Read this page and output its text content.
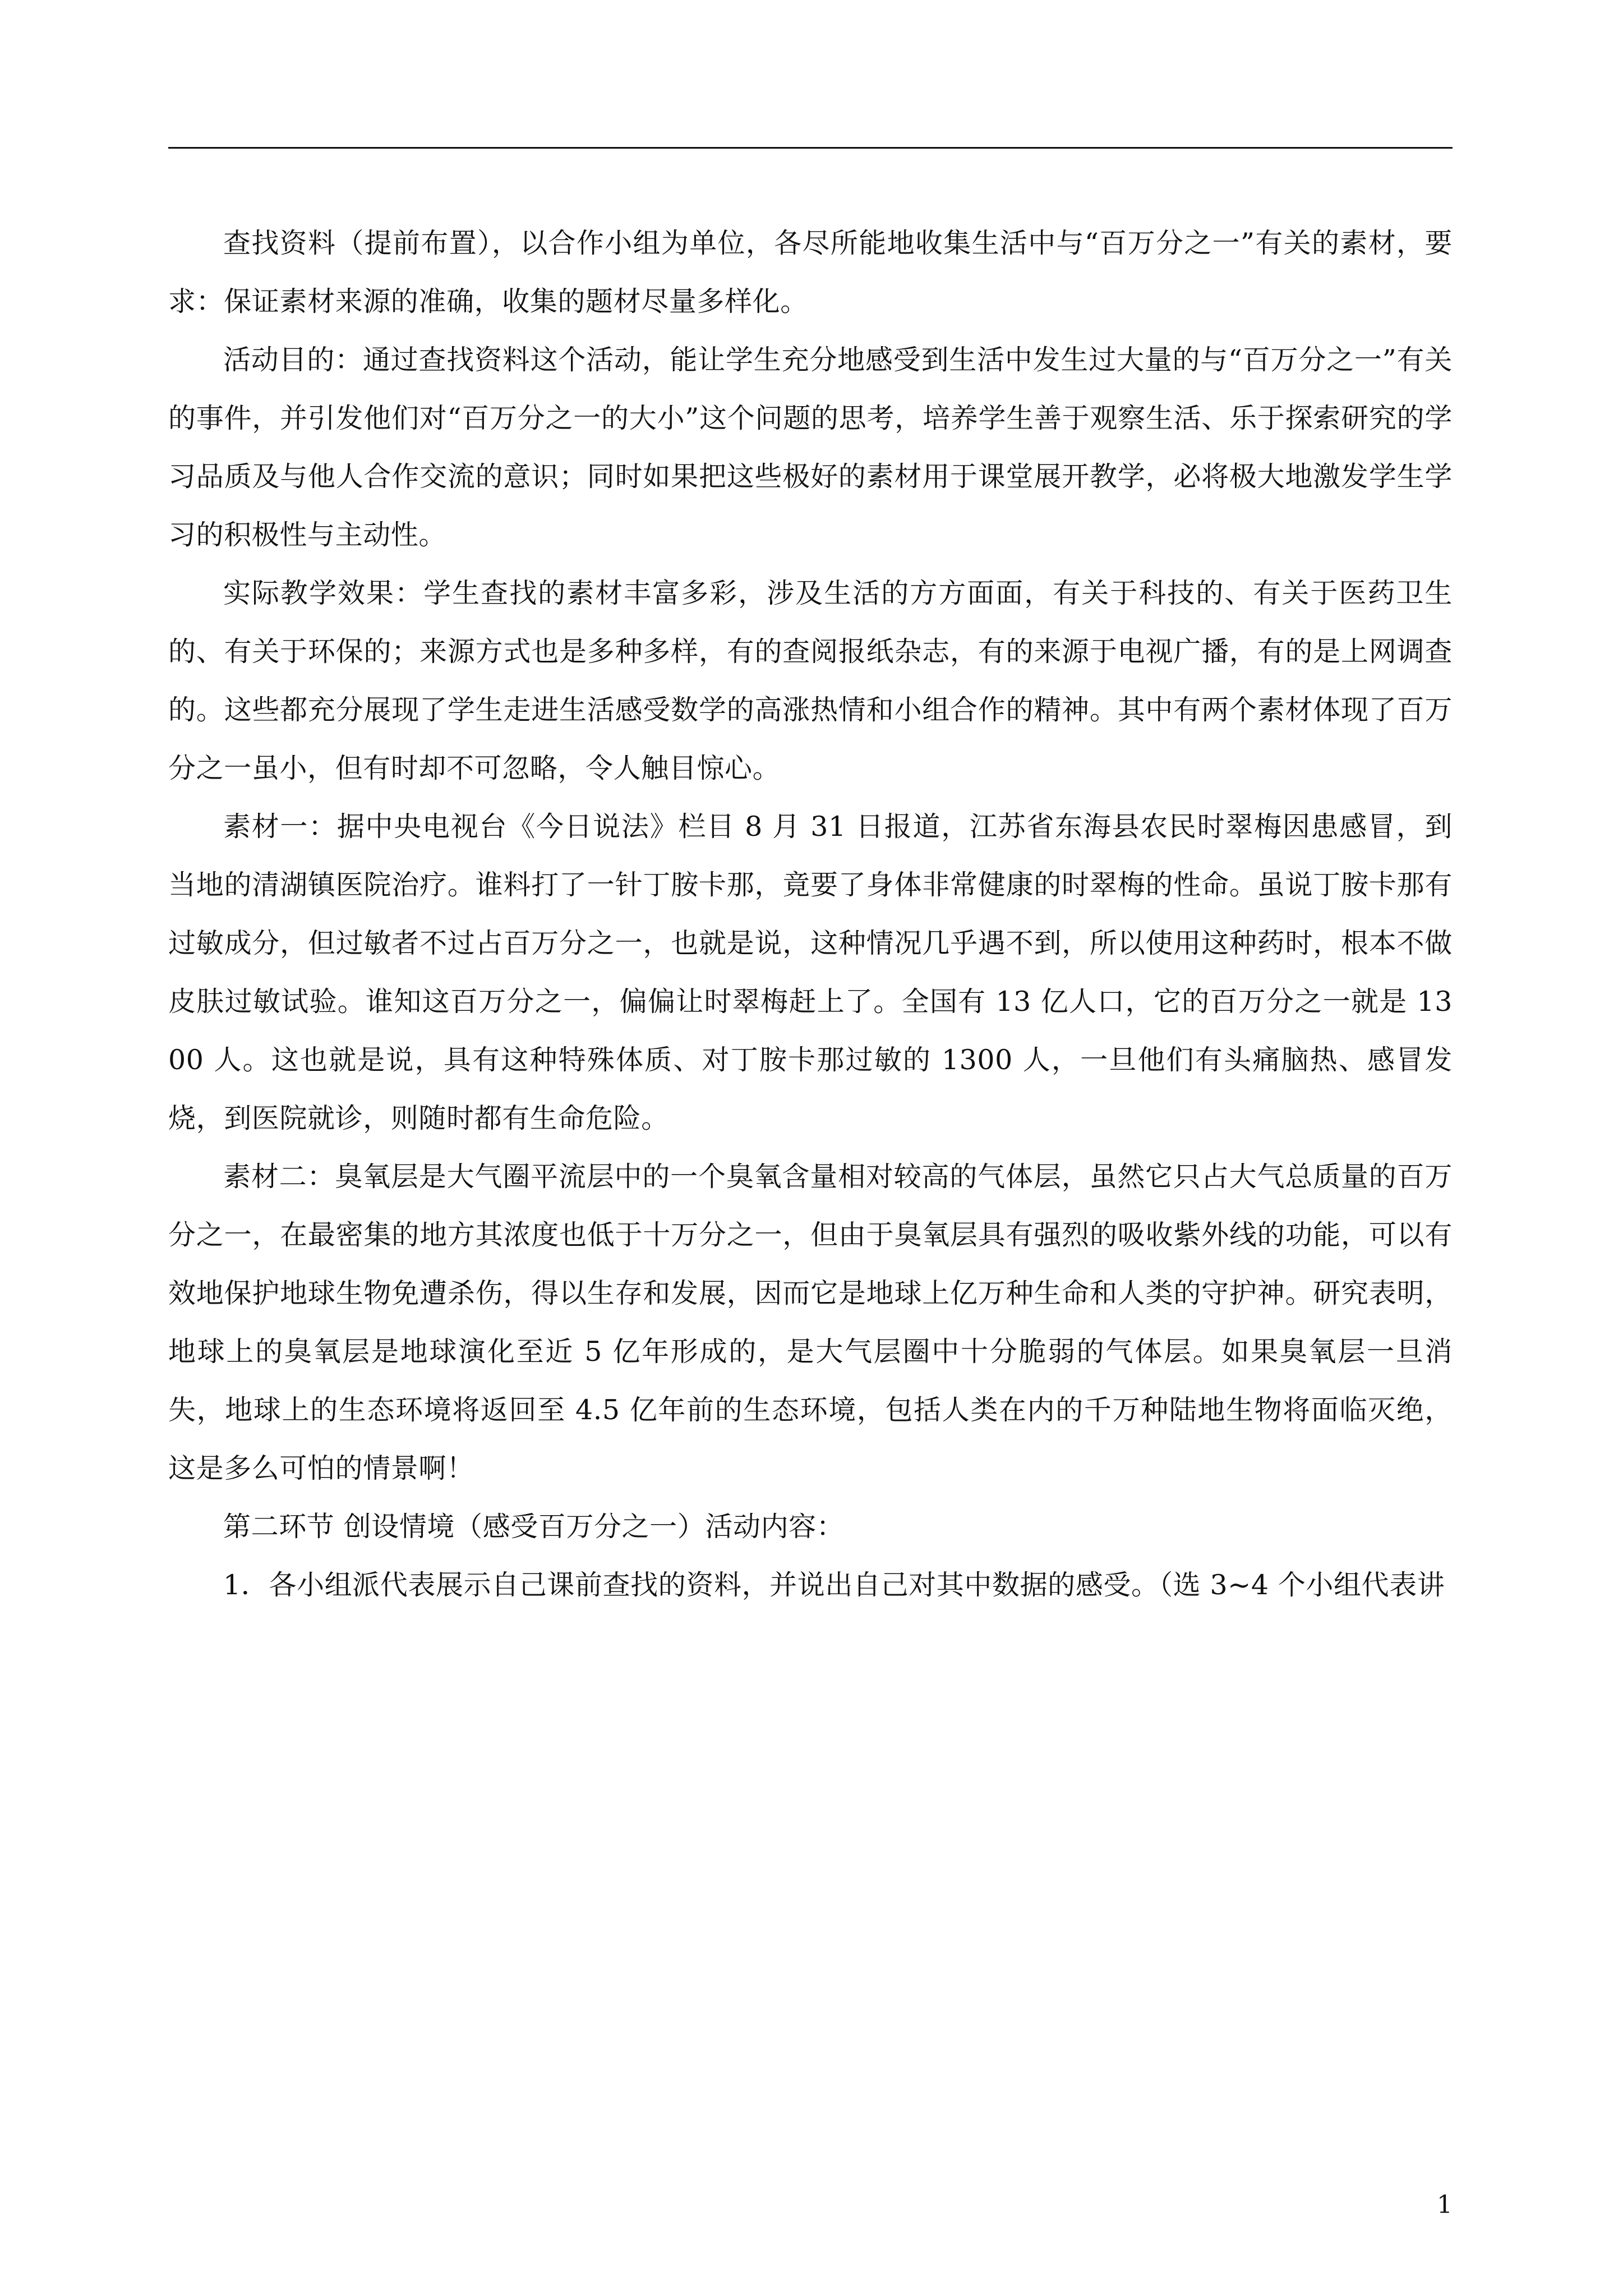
查找资料（提前布置），以合作小组为单位，各尽所能地收集生活中与“百万分之一”有关的素材，要求：保证素材来源的准确，收集的题材尽量多样化。

活动目的：通过查找资料这个活动，能让学生充分地感受到生活中发生过大量的与“百万分之一”有关的事件，并引发他们对“百万分之一的大小”这个问题的思考，培养学生善于观察生活、乐于探索研究的学习品质及与他人合作交流的意识；同时如果把这些极好的素材用于课堂展开教学，必将极大地激发学生学习的积极性与主动性。

实际教学效果：学生查找的素材丰富多彩，涉及生活的方方面面，有关于科技的、有关于医药卫生的、有关于环保的；来源方式也是多种多样，有的查阅报纸杂志，有的来源于电视广播，有的是上网调查的。这些都充分展现了学生走进生活感受数学的高涨热情和小组合作的精神。其中有两个素材体现了百万分之一虽小，但有时却不可忽略，令人触目惊心。

素材一：据中央电视台《今日说法》栏目 8 月 31 日报道，江苏省东海县农民时翠梅因患感冒，到当地的清湖镇医院治疗。谁料打了一针丁胺卡那，竟要了身体非常健康的时翠梅的性命。虽说丁胺卡那有过敏成分，但过敏者不过占百万分之一，也就是说，这种情况几乎遇不到，所以使用这种药时，根本不做皮肤过敏试验。谁知这百万分之一，偏偏让时翠梅赶上了。全国有 13 亿人口，它的百万分之一就是 1300 人。这也就是说，具有这种特殊体质、对丁胺卡那过敏的 1300 人，一旦他们有头痛脑热、感冒发烧，到医院就诊，则随时都有生命危险。

素材二：臭氧层是大气圈平流层中的一个臭氧含量相对较高的气体层，虽然它只占大气总质量的百万分之一，在最密集的地方其浓度也低于十万分之一，但由于臭氧层具有强烈的吸收紫外线的功能，可以有效地保护地球生物免遭杀伤，得以生存和发展，因而它是地球上亿万种生命和人类的守护神。研究表明，地球上的臭氧层是地球演化至近 5 亿年形成的，是大气层圈中十分脆弱的气体层。如果臭氧层一旦消失，地球上的生态环境将返回至 4.5 亿年前的生态环境，包括人类在内的千万种陆地生物将面临灭绝，这是多么可怕的情景啊！

第二环节 创设情境（感受百万分之一）活动内容：

1．各小组派代表展示自己课前查找的资料，并说出自己对其中数据的感受。（选 3~4 个小组代表讲

1
